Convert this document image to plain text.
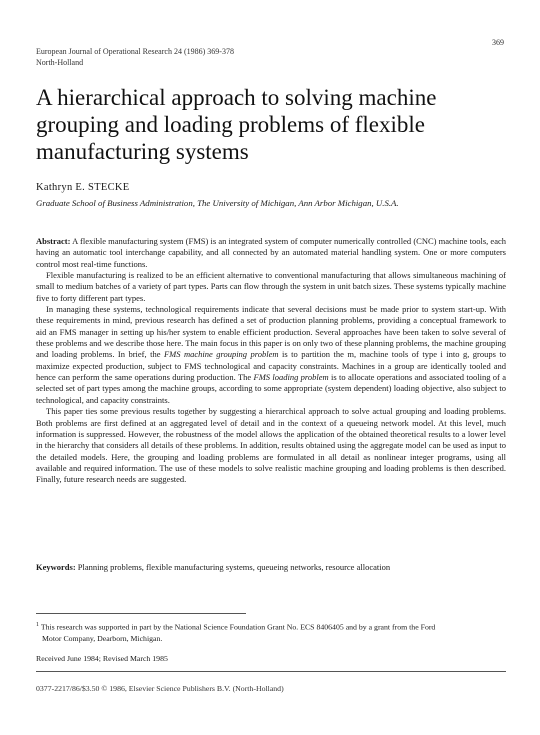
European Journal of Operational Research 24 (1986) 369-378
North-Holland
369
A hierarchical approach to solving machine grouping and loading problems of flexible manufacturing systems
Kathryn E. STECKE
Graduate School of Business Administration, The University of Michigan, Ann Arbor Michigan, U.S.A.

Abstract: A flexible manufacturing system (FMS) is an integrated system of computer numerically controlled (CNC) machine tools, each having an automatic tool interchange capability, and all connected by an automated material handling system. One or more computers control most real-time functions.

Flexible manufacturing is realized to be an efficient alternative to conventional manufacturing that allows simultaneous machining of small to medium batches of a variety of part types. Parts can flow through the system in unit batch sizes. These systems typically machine five to forty different part types.

In managing these systems, technological requirements indicate that several decisions must be made prior to system start-up. With these requirements in mind, previous research has defined a set of production planning problems, providing a conceptual framework to aid an FMS manager in setting up his/her system to enable efficient production. Several approaches have been taken to solve several of these problems and we describe those here. The main focus in this paper is on only two of these planning problems, the machine grouping and loading problems. In brief, the FMS machine grouping problem is to partition the m, machine tools of type i into g, groups to maximize expected production, subject to FMS technological and capacity constraints. Machines in a group are identically tooled and hence can perform the same operations during production. The FMS loading problem is to allocate operations and associated tooling of a selected set of part types among the machine groups, according to some appropriate (system dependent) loading objective, also subject to technological, and capacity constraints.

This paper ties some previous results together by suggesting a hierarchical approach to solve actual grouping and loading problems. Both problems are first defined at an aggregated level of detail and in the context of a queueing network model. At this level, much information is suppressed. However, the robustness of the model allows the application of the obtained theoretical results to a lower level in the hierarchy that considers all details of these problems. In addition, results obtained using the aggregate model can be used as input to the detailed models. Here, the grouping and loading problems are formulated in all detail as nonlinear integer programs, using all available and required information. The use of these models to solve realistic machine grouping and loading problems is then described. Finally, future research needs are suggested.

Keywords: Planning problems, flexible manufacturing systems, queueing networks, resource allocation

$^1$ This research was supported in part by the National Science Foundation Grant No. ECS 8406405 and by a grant from the Ford

Motor Company, Dearborn, Michigan.

Received June 1984; Revised March 1985
0377-2217/86/$3.50 © 1986, Elsevier Science Publishers B.V. (North-Holland)
